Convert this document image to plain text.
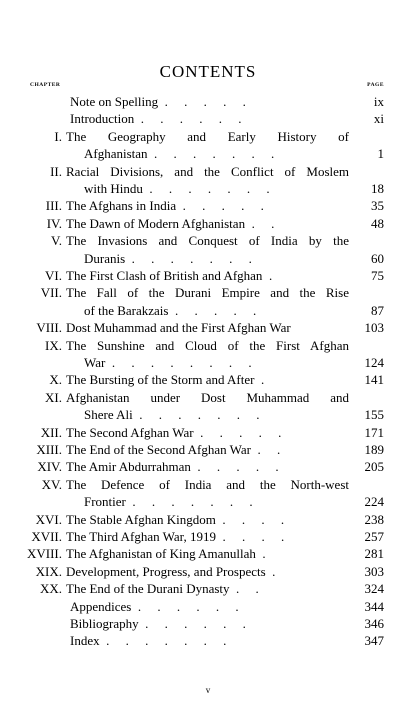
CONTENTS
CHAPTER	PAGE
Note on Spelling  .     .     .     .     .	ix
Introduction  .     .     .     .     .     .	xi
I. The Geography and Early History of
Afghanistan  .     .     .     .     .     .     .	1
II. Racial Divisions, and the Conflict of Moslem
with Hindu  .     .     .     .     .     .     .	18
III. The Afghans in India  .     .     .     .     .	35
IV. The Dawn of Modern Afghanistan  .     .	48
V. The Invasions and Conquest of India by the
Duranis  .     .     .     .     .     .     .	60
VI. The First Clash of British and Afghan  .	75
VII. The Fall of the Durani Empire and the Rise
of the Barakzais  .     .     .     .     .	87
VIII. Dost Muhammad and the First Afghan War	103
IX. The Sunshine and Cloud of the First Afghan
War  .     .     .     .     .     .     .     .	124
X. The Bursting of the Storm and After  .	141
XI. Afghanistan under Dost Muhammad and
Shere Ali  .     .     .     .     .     .     .	155
XII. The Second Afghan War  .     .     .     .     .	171
XIII. The End of the Second Afghan War  .     .	189
XIV. The Amir Abdurrahman  .     .     .     .     .	205
XV. The Defence of India and the North-west
Frontier  .     .     .     .     .     .     .	224
XVI. The Stable Afghan Kingdom  .     .     .     .	238
XVII. The Third Afghan War, 1919  .     .     .     .	257
XVIII. The Afghanistan of King Amanullah  .	281
XIX. Development, Progress, and Prospects  .	303
XX. The End of the Durani Dynasty  .     .	324
Appendices  .     .     .     .     .     .	344
Bibliography  .     .     .     .     .     .	346
Index  .     .     .     .     .     .     .	347
v
